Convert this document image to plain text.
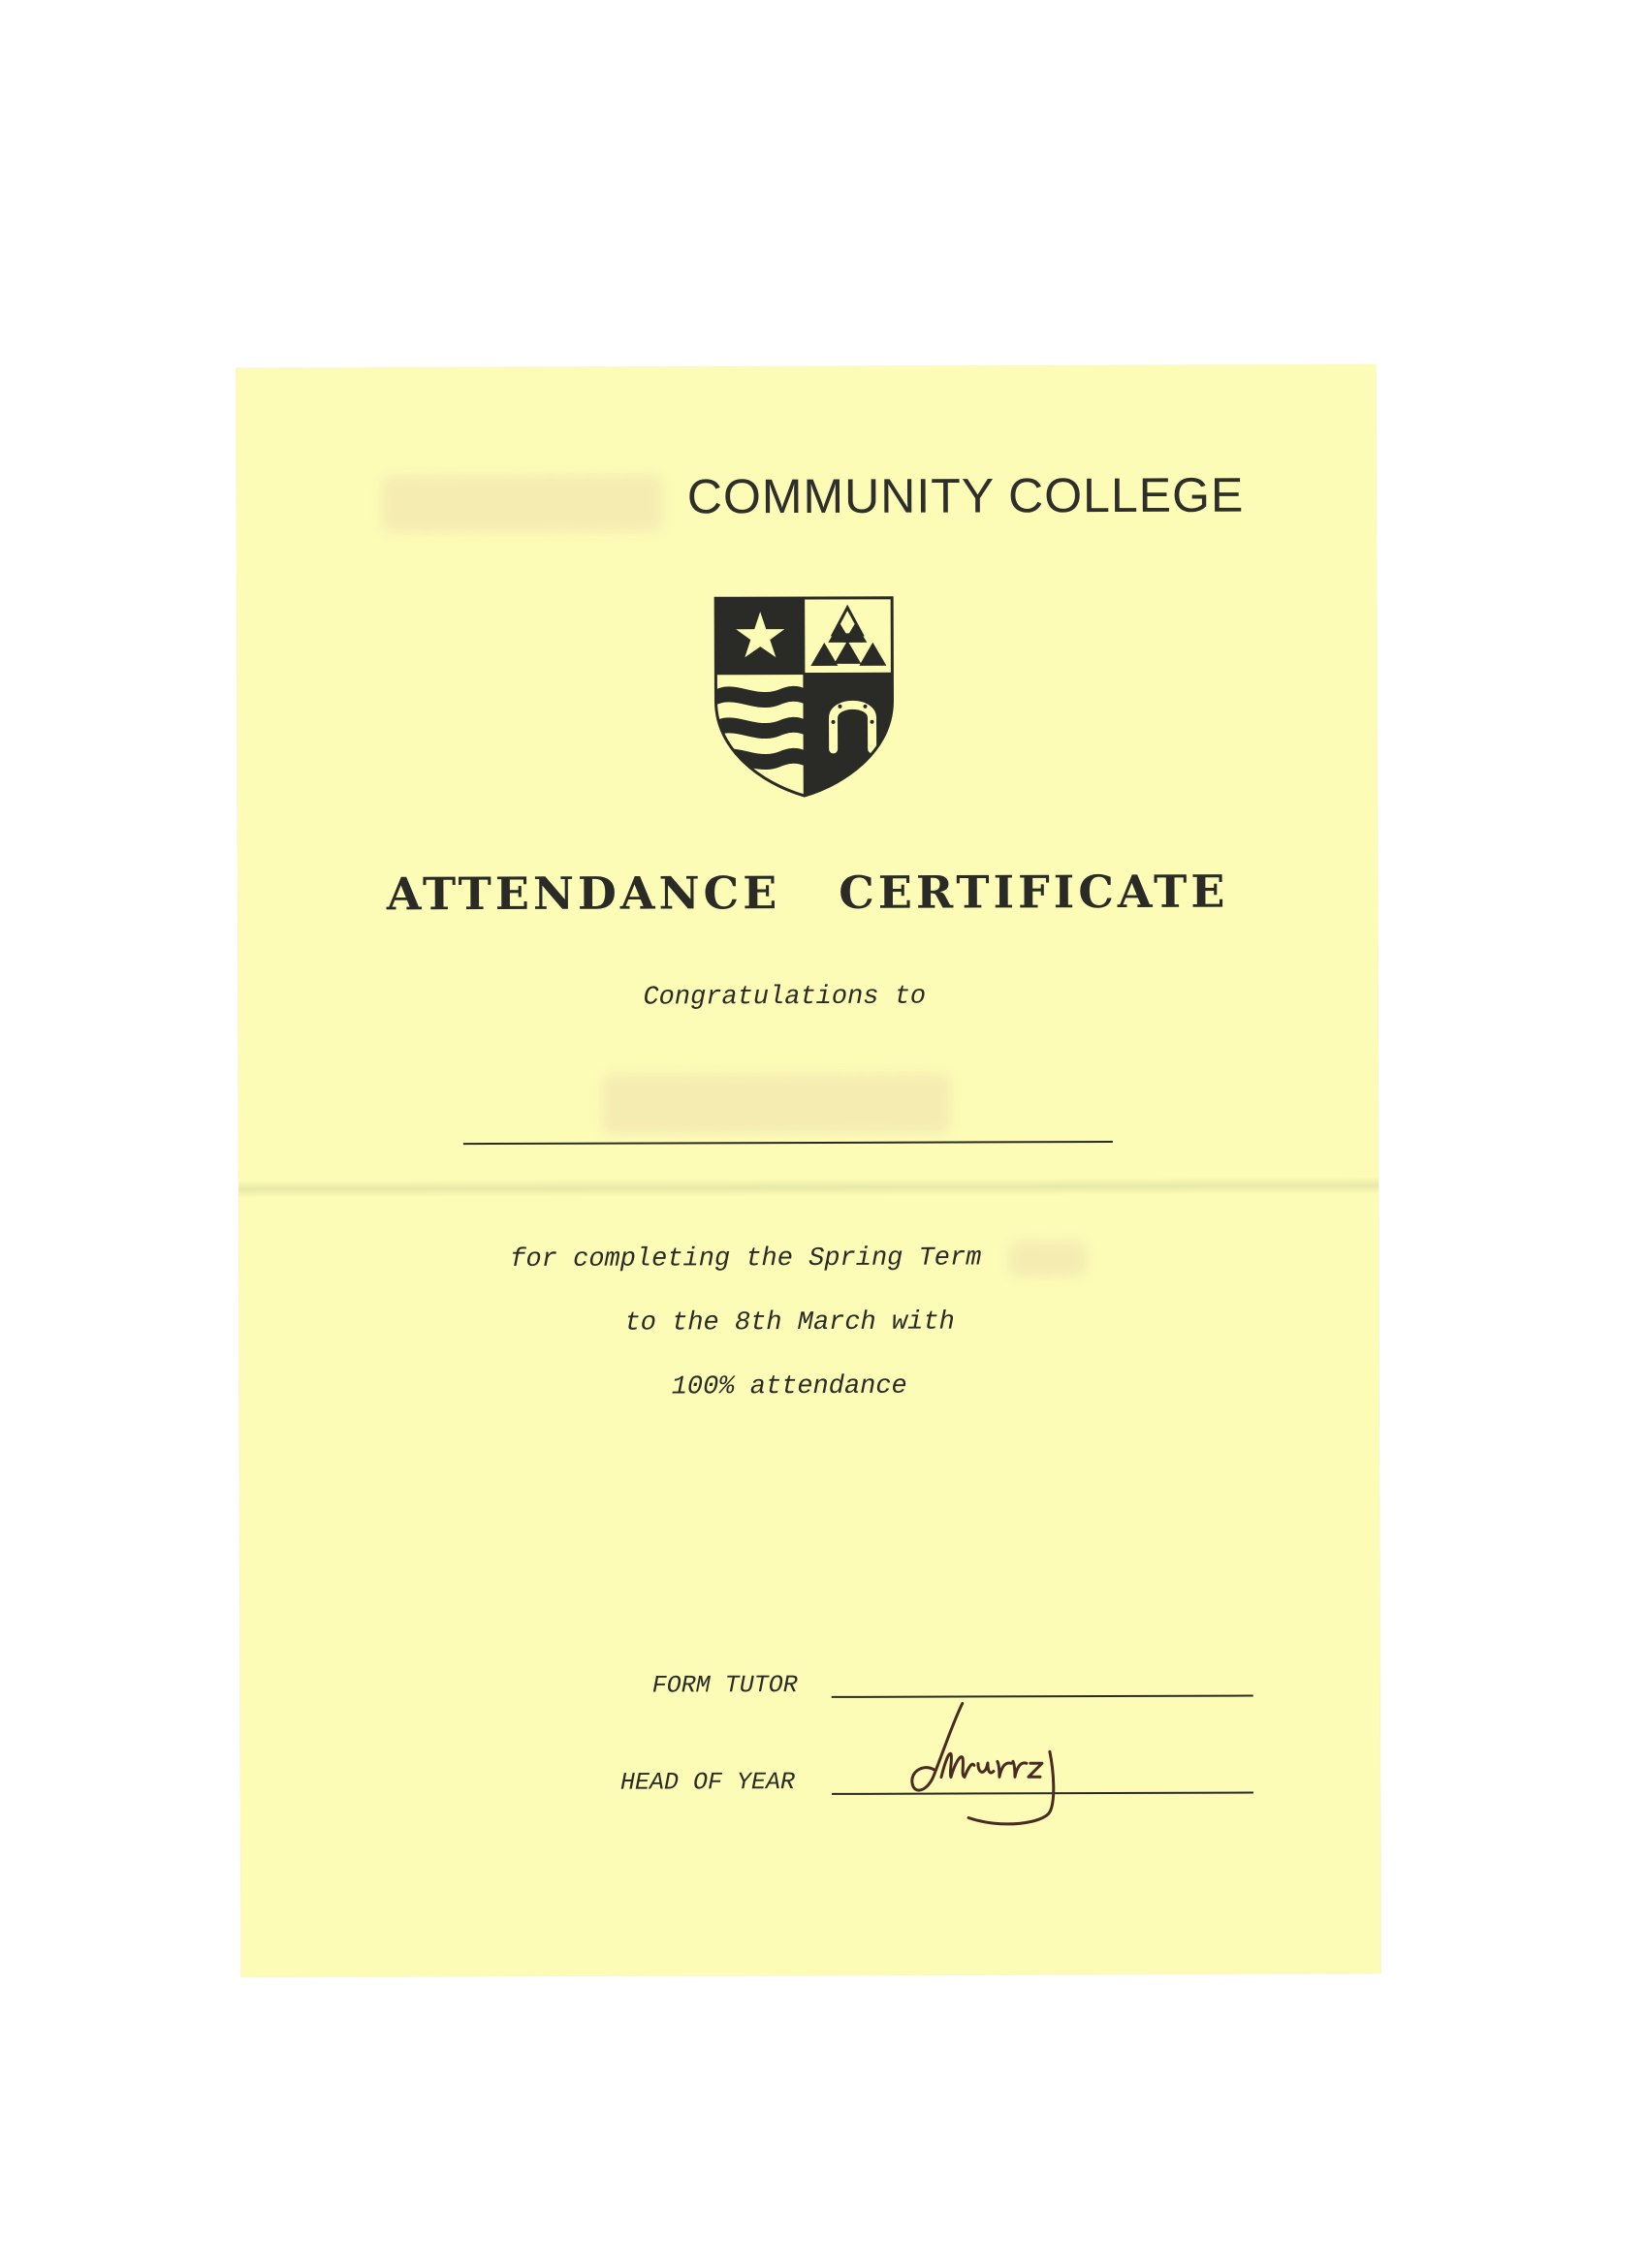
COMMUNITY COLLEGE
ATTENDANCE CERTIFICATE
Congratulations to
for completing the Spring Term
to the 8th March with
100% attendance
FORM TUTOR
HEAD OF YEAR
